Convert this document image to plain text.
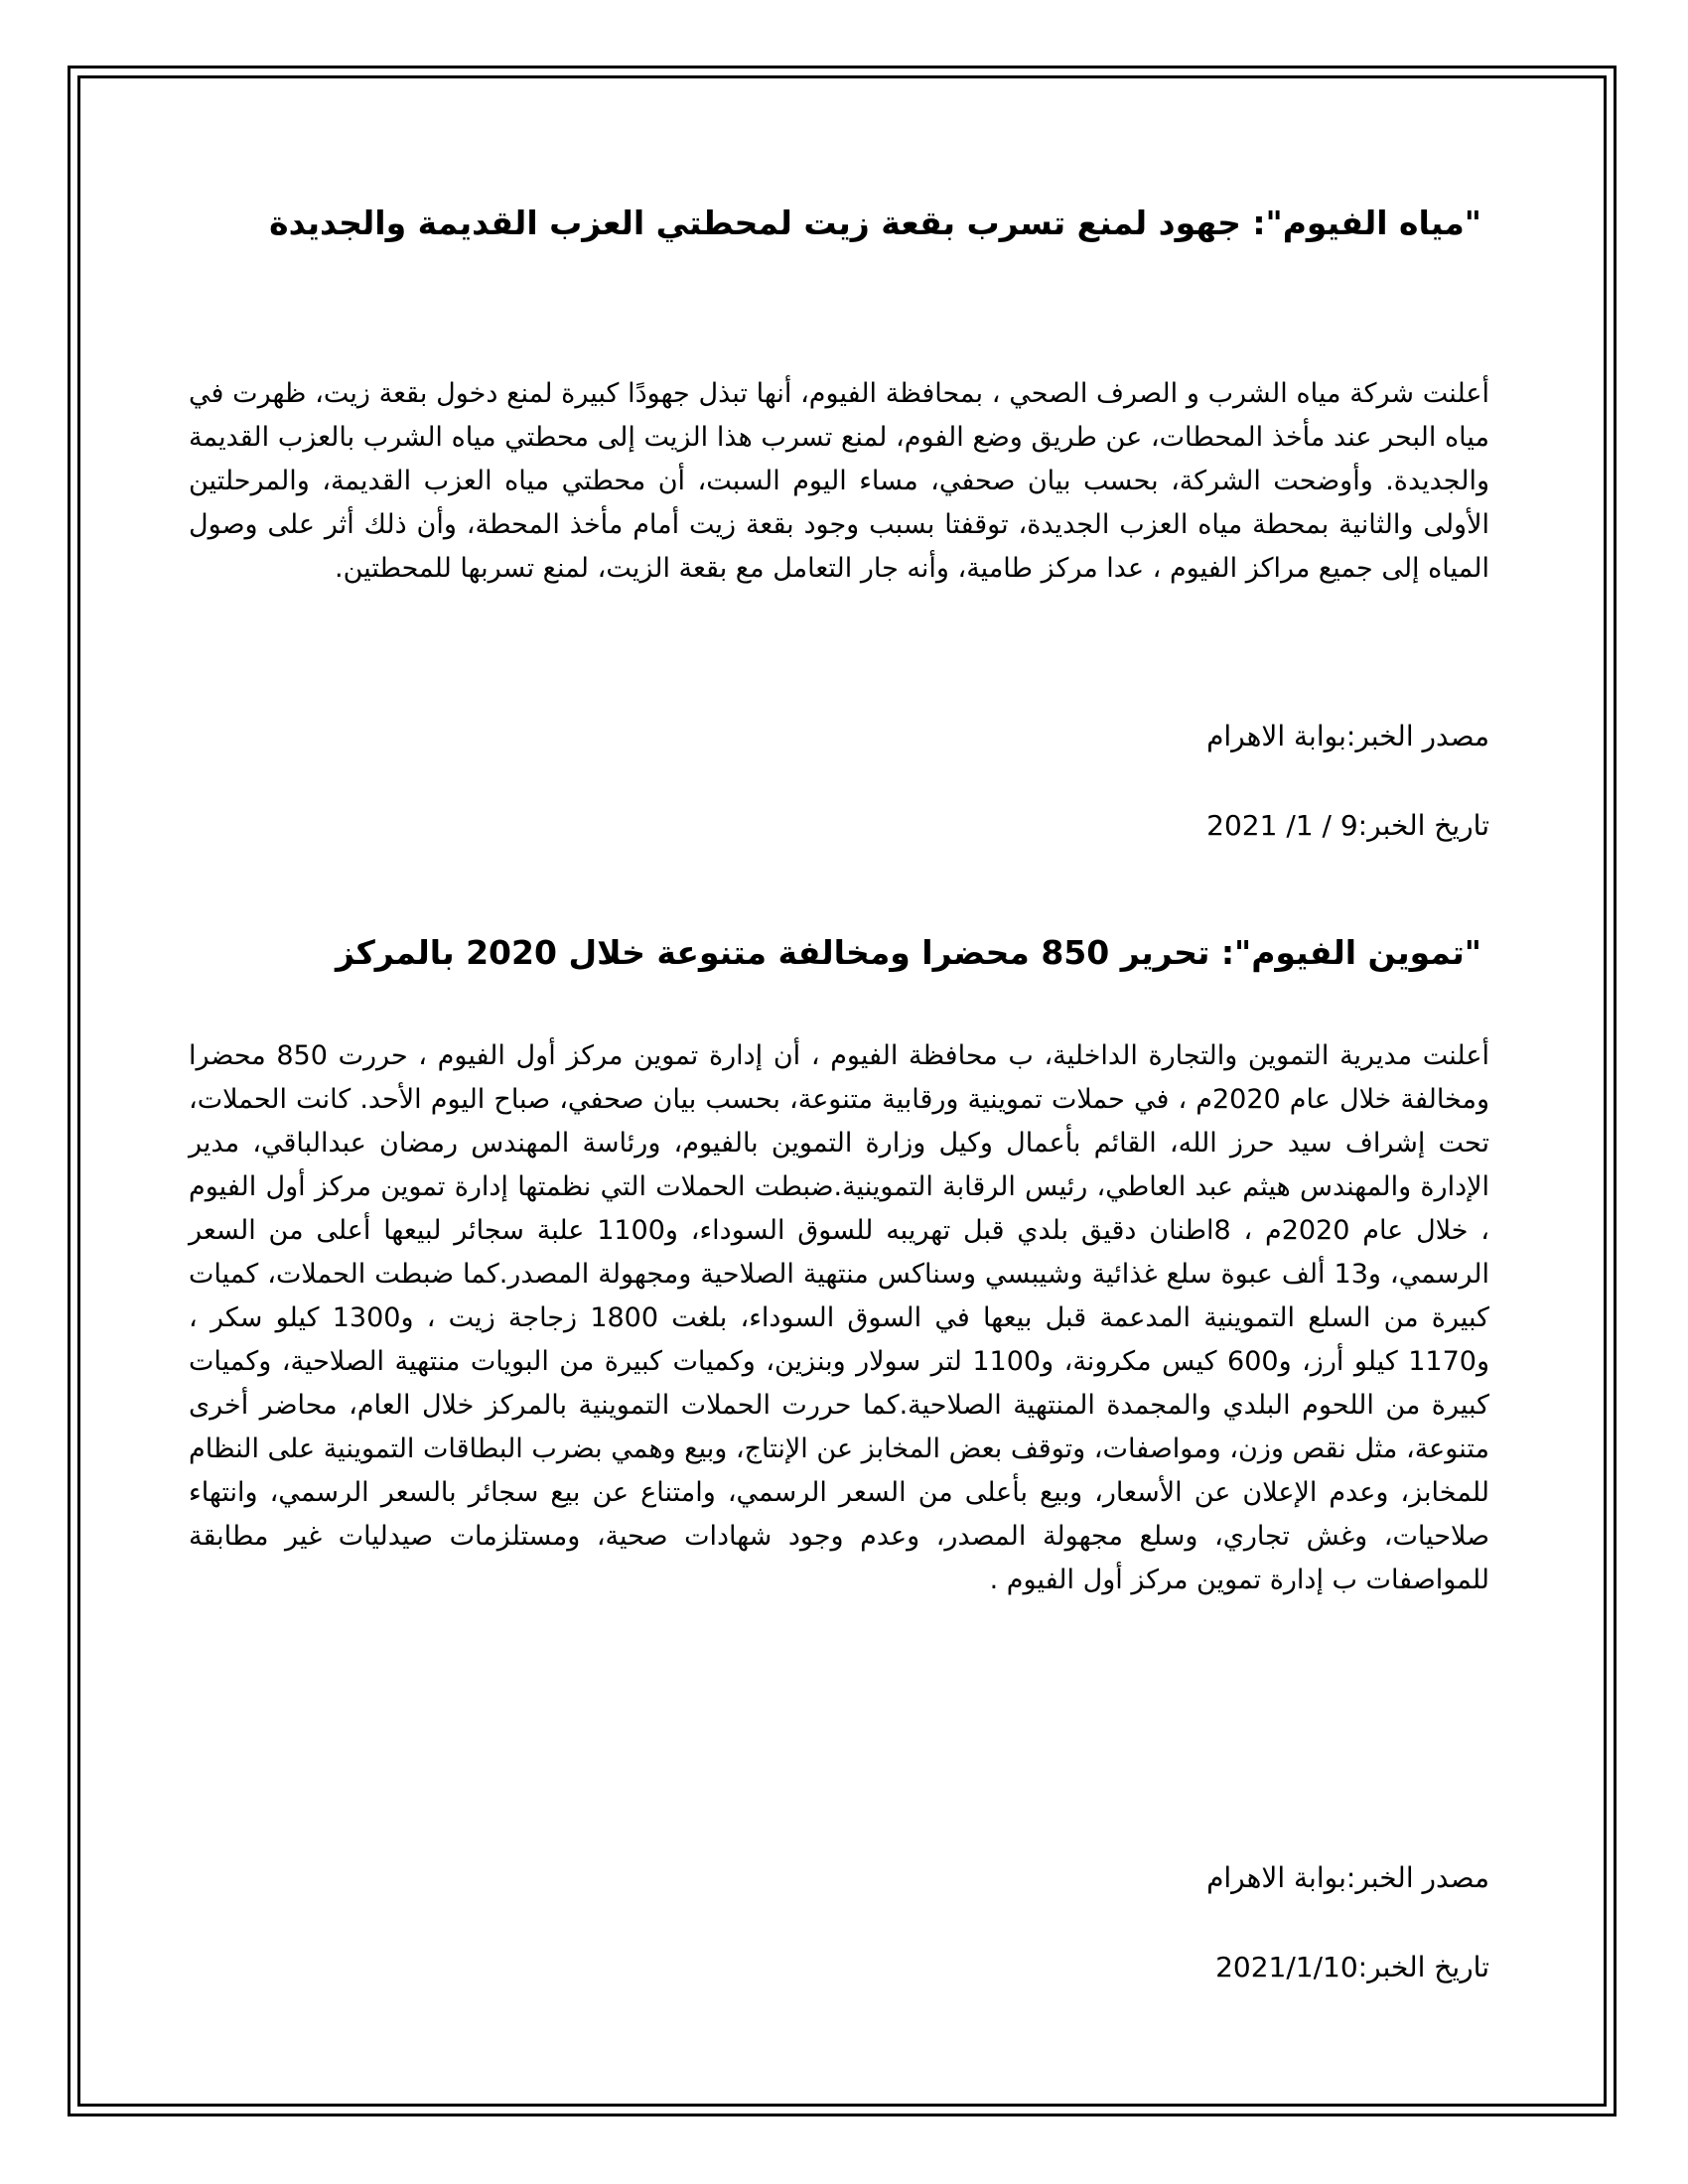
"مياه الفيوم": جهود لمنع تسرب بقعة زيت لمحطتي العزب القديمة والجديدة

أعلنت شركة مياه الشرب و الصرف الصحي ، بمحافظة الفيوم، أنها تبذل جهودًا كبيرة لمنع دخول بقعة زيت، ظهرت في مياه البحر عند مأخذ المحطات، عن طريق وضع الفوم، لمنع تسرب هذا الزيت إلى محطتي مياه الشرب بالعزب القديمة والجديدة. وأوضحت الشركة، بحسب بيان صحفي، مساء اليوم السبت، أن محطتي مياه العزب القديمة، والمرحلتين الأولى والثانية بمحطة مياه العزب الجديدة، توقفتا بسبب وجود بقعة زيت أمام مأخذ المحطة، وأن ذلك أثر على وصول المياه إلى جميع مراكز الفيوم ، عدا مركز طامية، وأنه جار التعامل مع بقعة الزيت، لمنع تسربها للمحطتين.

مصدر الخبر:بوابة الاهرام

تاريخ الخبر:9 / 1/ 2021

"تموين الفيوم": تحرير 850 محضرا ومخالفة متنوعة خلال 2020 بالمركز

أعلنت مديرية التموين والتجارة الداخلية، ب محافظة الفيوم ، أن إدارة تموين مركز أول الفيوم ، حررت 850 محضرا ومخالفة خلال عام 2020م ، في حملات تموينية ورقابية متنوعة، بحسب بيان صحفي، صباح اليوم الأحد. كانت الحملات، تحت إشراف سيد حرز الله، القائم بأعمال وكيل وزارة التموين بالفيوم، ورئاسة المهندس رمضان عبدالباقي، مدير الإدارة والمهندس هيثم عبد العاطي، رئيس الرقابة التموينية.ضبطت الحملات التي نظمتها إدارة تموين مركز أول الفيوم ، خلال عام 2020م ، 8اطنان دقيق بلدي قبل تهريبه للسوق السوداء، و1100 علبة سجائر لبيعها أعلى من السعر الرسمي، و13 ألف عبوة سلع غذائية وشيبسي وسناكس منتهية الصلاحية ومجهولة المصدر.كما ضبطت الحملات، كميات كبيرة من السلع التموينية المدعمة قبل بيعها في السوق السوداء، بلغت 1800 زجاجة زيت ، و1300 كيلو سكر ، و1170 كيلو أرز، و600 كيس مكرونة، و1100 لتر سولار وبنزين، وكميات كبيرة من البويات منتهية الصلاحية، وكميات كبيرة من اللحوم البلدي والمجمدة المنتهية الصلاحية.كما حررت الحملات التموينية بالمركز خلال العام، محاضر أخرى متنوعة، مثل نقص وزن، ومواصفات، وتوقف بعض المخابز عن الإنتاج، وبيع وهمي بضرب البطاقات التموينية على النظام للمخابز، وعدم الإعلان عن الأسعار، وبيع بأعلى من السعر الرسمي، وامتناع عن بيع سجائر بالسعر الرسمي، وانتهاء صلاحيات، وغش تجاري، وسلع مجهولة المصدر، وعدم وجود شهادات صحية، ومستلزمات صيدليات غير مطابقة للمواصفات ب إدارة تموين مركز أول الفيوم .

مصدر الخبر:بوابة الاهرام

تاريخ الخبر:2021/1/10
